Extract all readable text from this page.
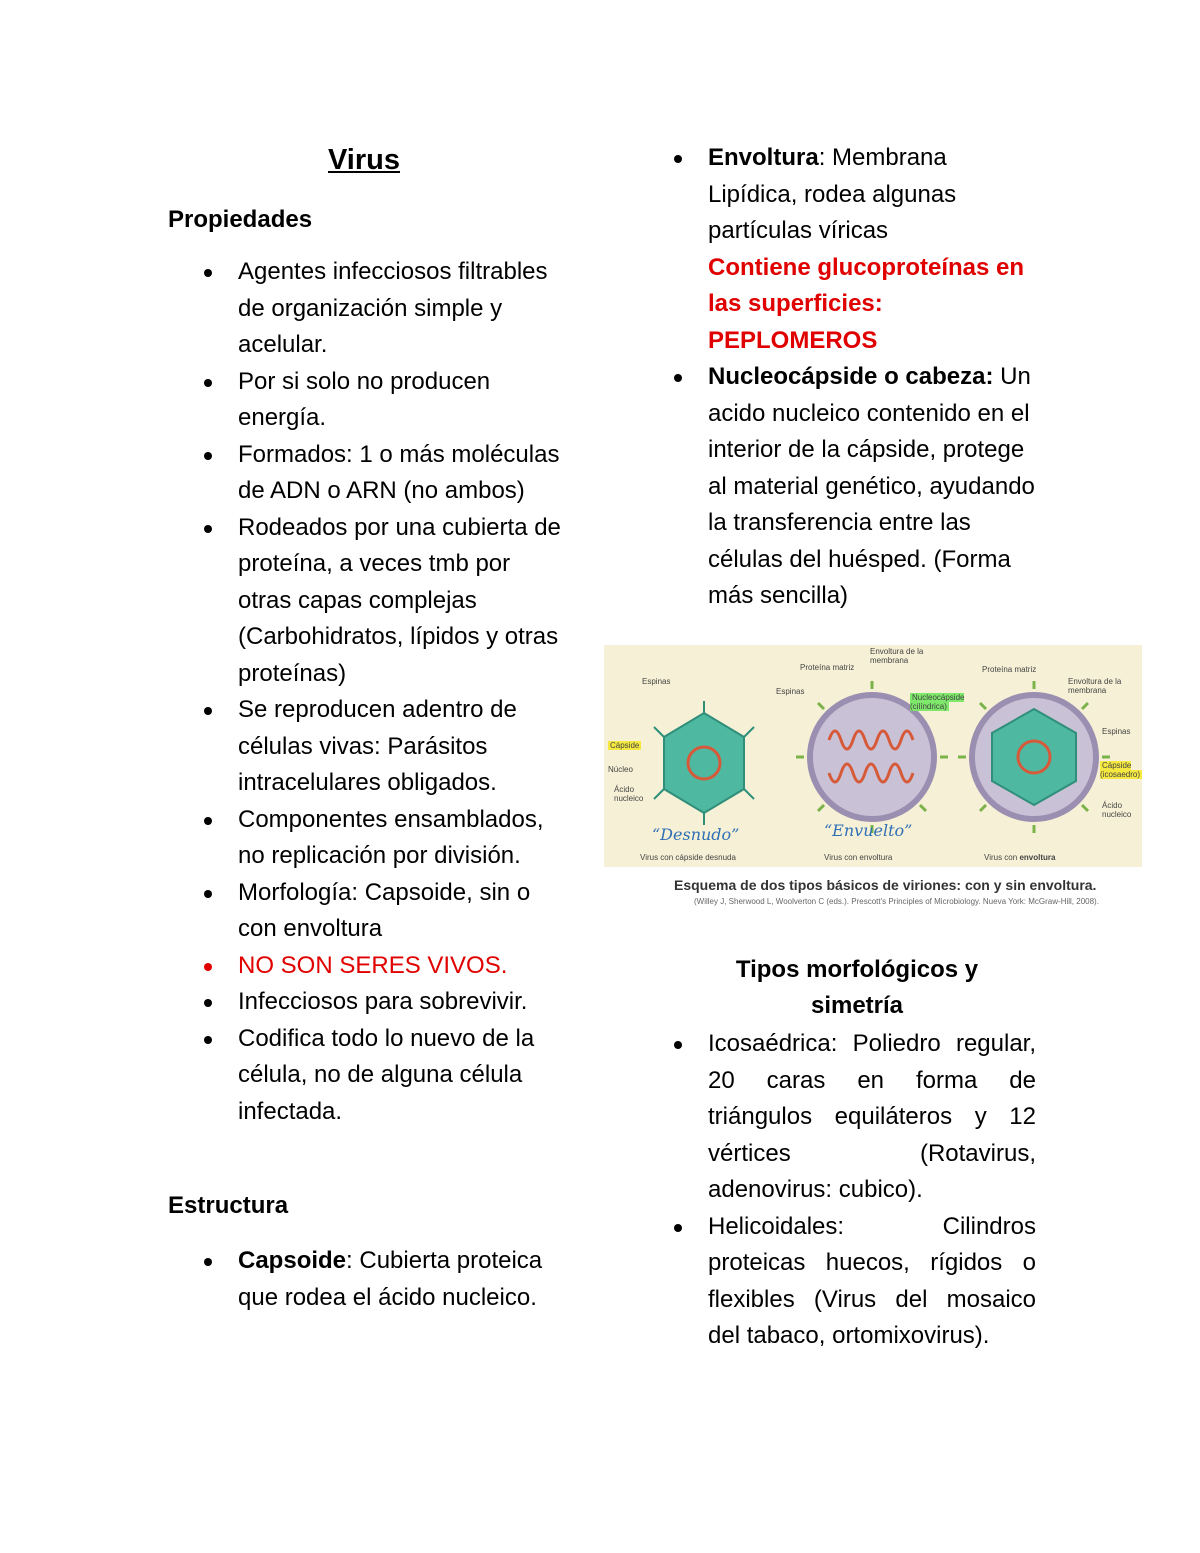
Virus
Propiedades
Agentes infecciosos filtrables de organización simple y acelular.
Por si solo no producen energía.
Formados: 1 o más moléculas de ADN o ARN (no ambos)
Rodeados por una cubierta de proteína, a veces tmb por otras capas complejas (Carbohidratos, lípidos y otras proteínas)
Se reproducen adentro de células vivas: Parásitos intracelulares obligados.
Componentes ensamblados, no replicación por división.
Morfología: Capsoide, sin o con envoltura
NO SON SERES VIVOS.
Infecciosos para sobrevivir.
Codifica todo lo nuevo de la célula, no de alguna célula infectada.
Estructura
Capsoide: Cubierta proteica que rodea el ácido nucleico.
Envoltura: Membrana Lipídica, rodea algunas partículas víricas
Contiene glucoproteínas en las superficies: PEPLOMEROS
Nucleocápside o cabeza: Un acido nucleico contenido en el interior de la cápside, protege al material genético, ayudando la transferencia entre las células del huésped. (Forma más sencilla)
Espinas
Cápside
Núcleo
Ácido nucleico
“Desnudo”
Virus con cápside desnuda
Proteína matriz
Envoltura de la membrana
Espinas
Nucleocápside (cilíndrica)
“Envuelto”
Virus con envoltura
Proteína matriz
Envoltura de la membrana
Espinas
Cápside (icosaedro)
Ácido nucleico
Virus con envoltura
Esquema de dos tipos básicos de viriones: con y sin envoltura.
(Willey J, Sherwood L, Woolverton C (eds.). Prescott's Principles of Microbiology. Nueva York: McGraw-Hill, 2008).
Tipos morfológicos y
simetría
Icosaédrica: Poliedro regular, 20 caras en forma de triángulos equiláteros y 12 vértices (Rotavirus, adenovirus: cubico).
Helicoidales: Cilindros proteicas huecos, rígidos o flexibles (Virus del mosaico del tabaco, ortomixovirus).
